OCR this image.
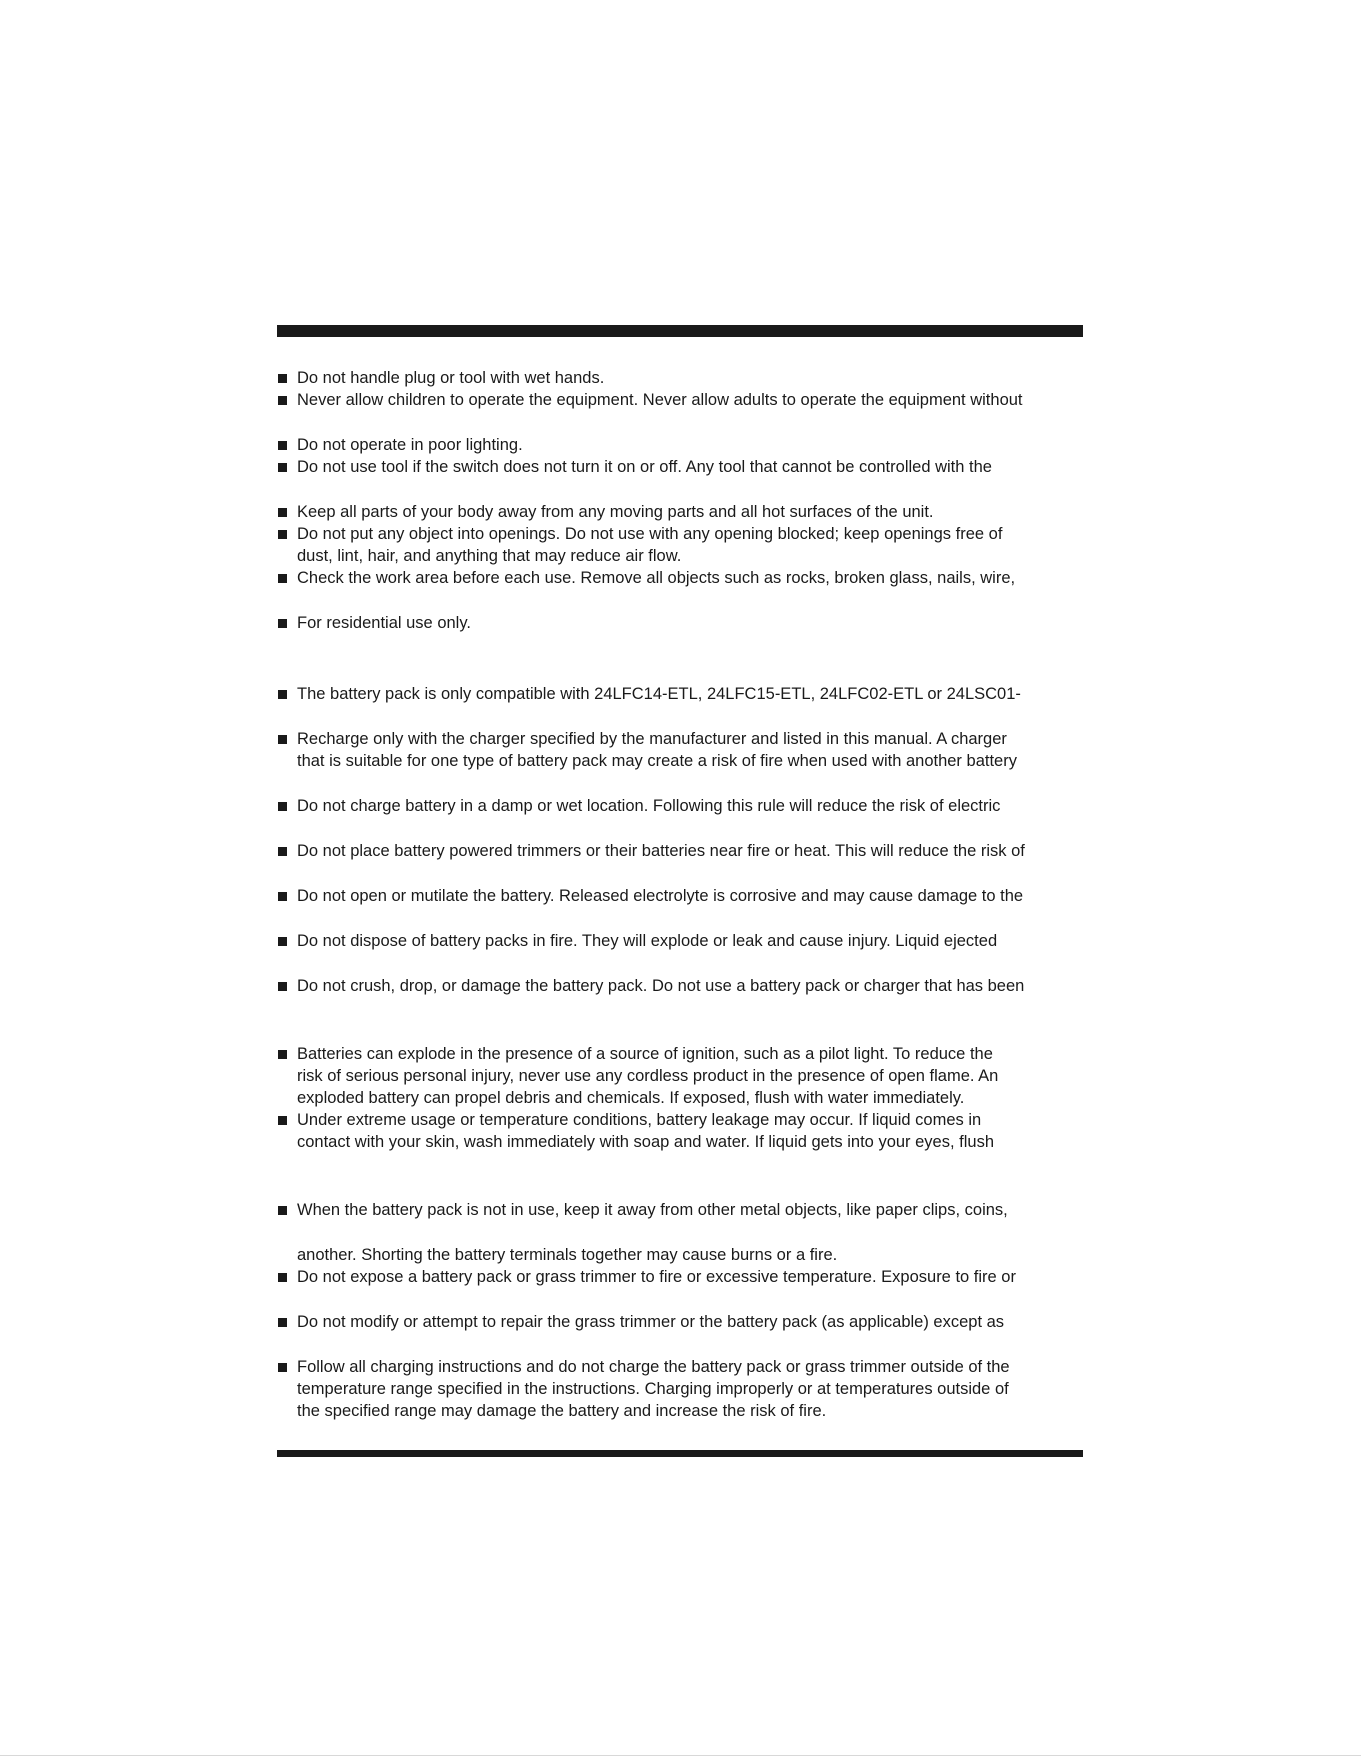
Do not handle plug or tool with wet hands.
Never allow children to operate the equipment. Never allow adults to operate the equipment without
Do not operate in poor lighting.
Do not use tool if the switch does not turn it on or off. Any tool that cannot be controlled with the
Keep all parts of your body away from any moving parts and all hot surfaces of the unit.
Do not put any object into openings. Do not use with any opening blocked; keep openings free of
dust, lint, hair, and anything that may reduce air flow.
Check the work area before each use. Remove all objects such as rocks, broken glass, nails, wire,
For residential use only.
The battery pack is only compatible with 24LFC14-ETL, 24LFC15-ETL, 24LFC02-ETL or 24LSC01-
Recharge only with the charger specified by the manufacturer and listed in this manual. A charger
that is suitable for one type of battery pack may create a risk of fire when used with another battery
Do not charge battery in a damp or wet location. Following this rule will reduce the risk of electric
Do not place battery powered trimmers or their batteries near fire or heat. This will reduce the risk of
Do not open or mutilate the battery. Released electrolyte is corrosive and may cause damage to the
Do not dispose of battery packs in fire. They will explode or leak and cause injury. Liquid ejected
Do not crush, drop, or damage the battery pack. Do not use a battery pack or charger that has been
Batteries can explode in the presence of a source of ignition, such as a pilot light. To reduce the
risk of serious personal injury, never use any cordless product in the presence of open flame. An
exploded battery can propel debris and chemicals. If exposed, flush with water immediately.
Under extreme usage or temperature conditions, battery leakage may occur. If liquid comes in
contact with your skin, wash immediately with soap and water. If liquid gets into your eyes, flush
When the battery pack is not in use, keep it away from other metal objects, like paper clips, coins,
another. Shorting the battery terminals together may cause burns or a fire.
Do not expose a battery pack or grass trimmer to fire or excessive temperature. Exposure to fire or
Do not modify or attempt to repair the grass trimmer or the battery pack (as applicable) except as
Follow all charging instructions and do not charge the battery pack or grass trimmer outside of the
temperature range specified in the instructions. Charging improperly or at temperatures outside of
the specified range may damage the battery and increase the risk of fire.
